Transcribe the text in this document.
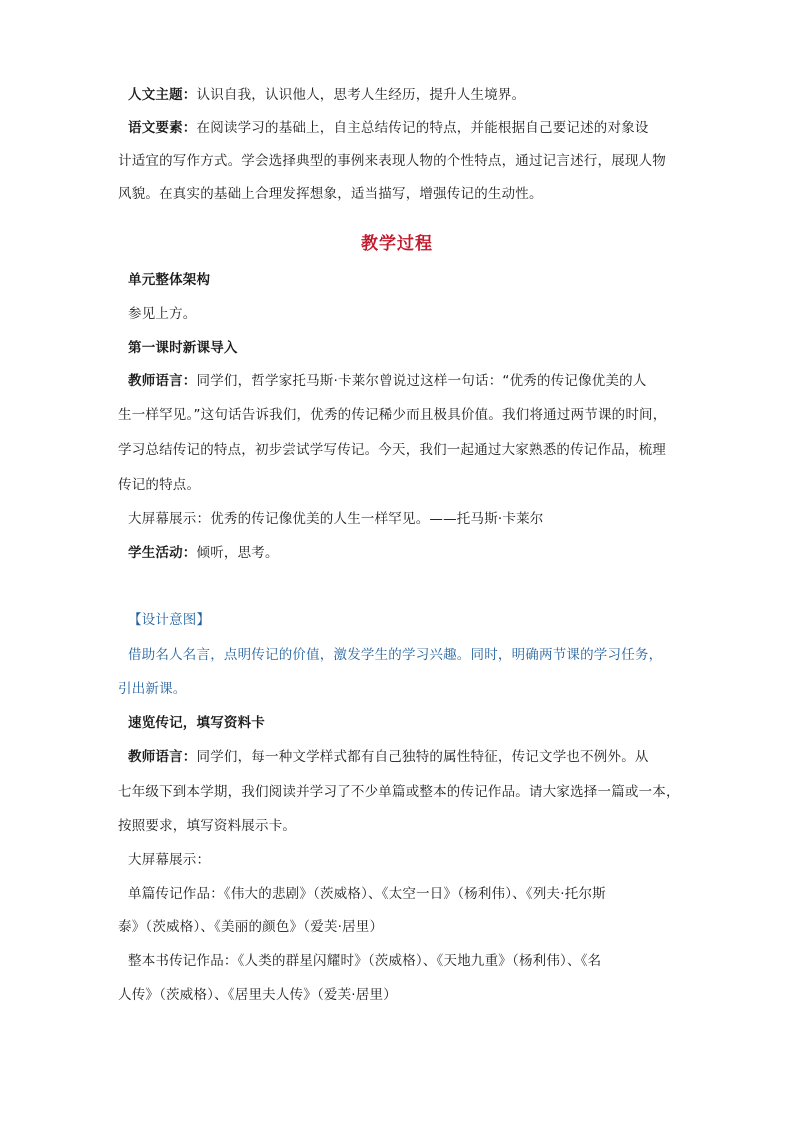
人文主题：认识自我，认识他人，思考人生经历，提升人生境界。
语文要素：在阅读学习的基础上，自主总结传记的特点，并能根据自己要记述的对象设
计适宜的写作方式。学会选择典型的事例来表现人物的个性特点，通过记言述行，展现人物
风貌。在真实的基础上合理发挥想象，适当描写，增强传记的生动性。
教学过程
单元整体架构
参见上方。
第一课时新课导入
教师语言：同学们，哲学家托马斯·卡莱尔曾说过这样一句话：“优秀的传记像优美的人
生一样罕见。”这句话告诉我们，优秀的传记稀少而且极具价值。我们将通过两节课的时间，
学习总结传记的特点，初步尝试学写传记。今天，我们一起通过大家熟悉的传记作品，梳理
传记的特点。
大屏幕展示：优秀的传记像优美的人生一样罕见。——托马斯·卡莱尔
学生活动：倾听，思考。
【设计意图】
借助名人名言，点明传记的价值，激发学生的学习兴趣。同时，明确两节课的学习任务，
引出新课。
速览传记，填写资料卡
教师语言：同学们，每一种文学样式都有自己独特的属性特征，传记文学也不例外。从
七年级下到本学期，我们阅读并学习了不少单篇或整本的传记作品。请大家选择一篇或一本，
按照要求，填写资料展示卡。
大屏幕展示：
单篇传记作品：《伟大的悲剧》（茨威格）、《太空一日》（杨利伟）、《列夫·托尔斯
泰》（茨威格）、《美丽的颜色》（爱芙·居里）
整本书传记作品：《人类的群星闪耀时》（茨威格）、《天地九重》（杨利伟）、《名
人传》（茨威格）、《居里夫人传》（爱芙·居里）
